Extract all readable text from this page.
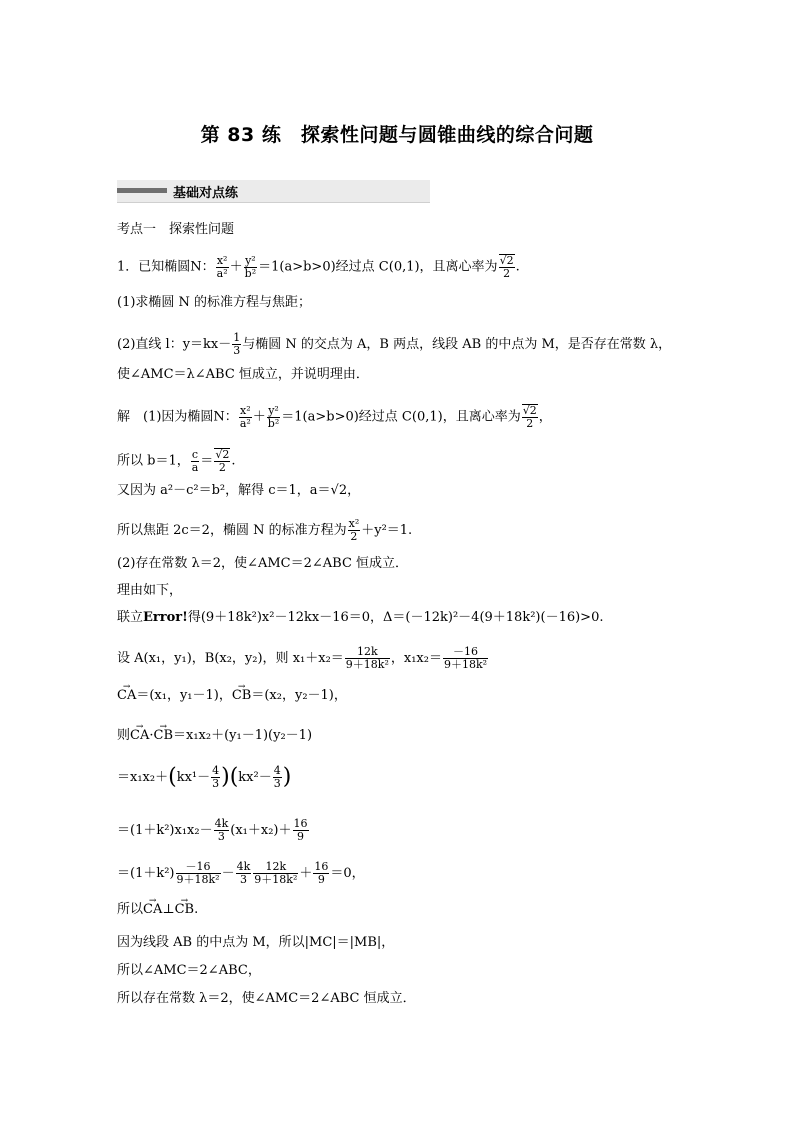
第 83 练　探索性问题与圆锥曲线的综合问题
基础对点练
考点一　探索性问题
1．已知椭圆N： $\frac{\text{x²}}{\text{a²}} + \frac{\text{y²}}{\text{b²}} =1(a>b>0)$经过点 C(0,1)，且离心率为 $\frac{√2}{2}$ .
(1)求椭圆 N 的标准方程与焦距；
(2)直线 l：$y=kx- \frac{1}{3}$ 与椭圆 N 的交点为 A，B 两点，线段 AB 的中点为 M，是否存在常数 λ，
使∠AMC＝λ∠ABC 恒成立，并说明理由．
解　(1)因为椭圆N： $\frac{\text{x²}}{\text{a²}} + \frac{\text{y²}}{\text{b²}} =1(a>b>0)$经过点 C(0,1)，且离心率为 $\frac{√2}{2}$ ，
所以 b＝1， $\frac{c}{a} = \frac{√2}{2}$ .
又因为 a²－c²＝b²，解得 c＝1，a＝√2，
所以焦距 2c＝2，椭圆 N 的标准方程为 $\frac{\text{x²}}{2} +y^2=1$.
(2)存在常数 λ＝2，使∠AMC＝2∠ABC 恒成立．
理由如下，
联立Error!得(9＋18k²)x²－12kx－16＝0，Δ＝(－12k)²－4(9＋18k²)(－16)>0.
设 A(x₁，y₁)，B(x₂，y₂)，则 $x_1+x_2= \frac{12k}{\text{9＋18k²}}$ ，$x_1x_2= \frac{-16}{\text{9＋18k²}}$
→ CA＝(x₁，y₁－1)，→ CB＝(x₂，y₂－1)，
则→ CA·→ CB＝x₁x₂＋(y₁－1)(y₂－1)
$=x_1x_2+(kx^1- \frac{4}{3} )(kx^2- \frac{4}{3}$ )
$=(1+k^2)x_1x_2- \frac{4k}{3} (x_1+x_2)+ \frac{16}{9}$
$=(1+k^2) \frac{-16}{\text{9＋18k²}} - \frac{4k}{3} \frac{12k}{\text{9＋18k²}} + \frac{16}{9} =0$，
所以→ CA⊥→ CB.
因为线段 AB 的中点为 M，所以|MC|＝|MB|，
所以∠AMC＝2∠ABC，
所以存在常数 λ＝2，使∠AMC＝2∠ABC 恒成立．
